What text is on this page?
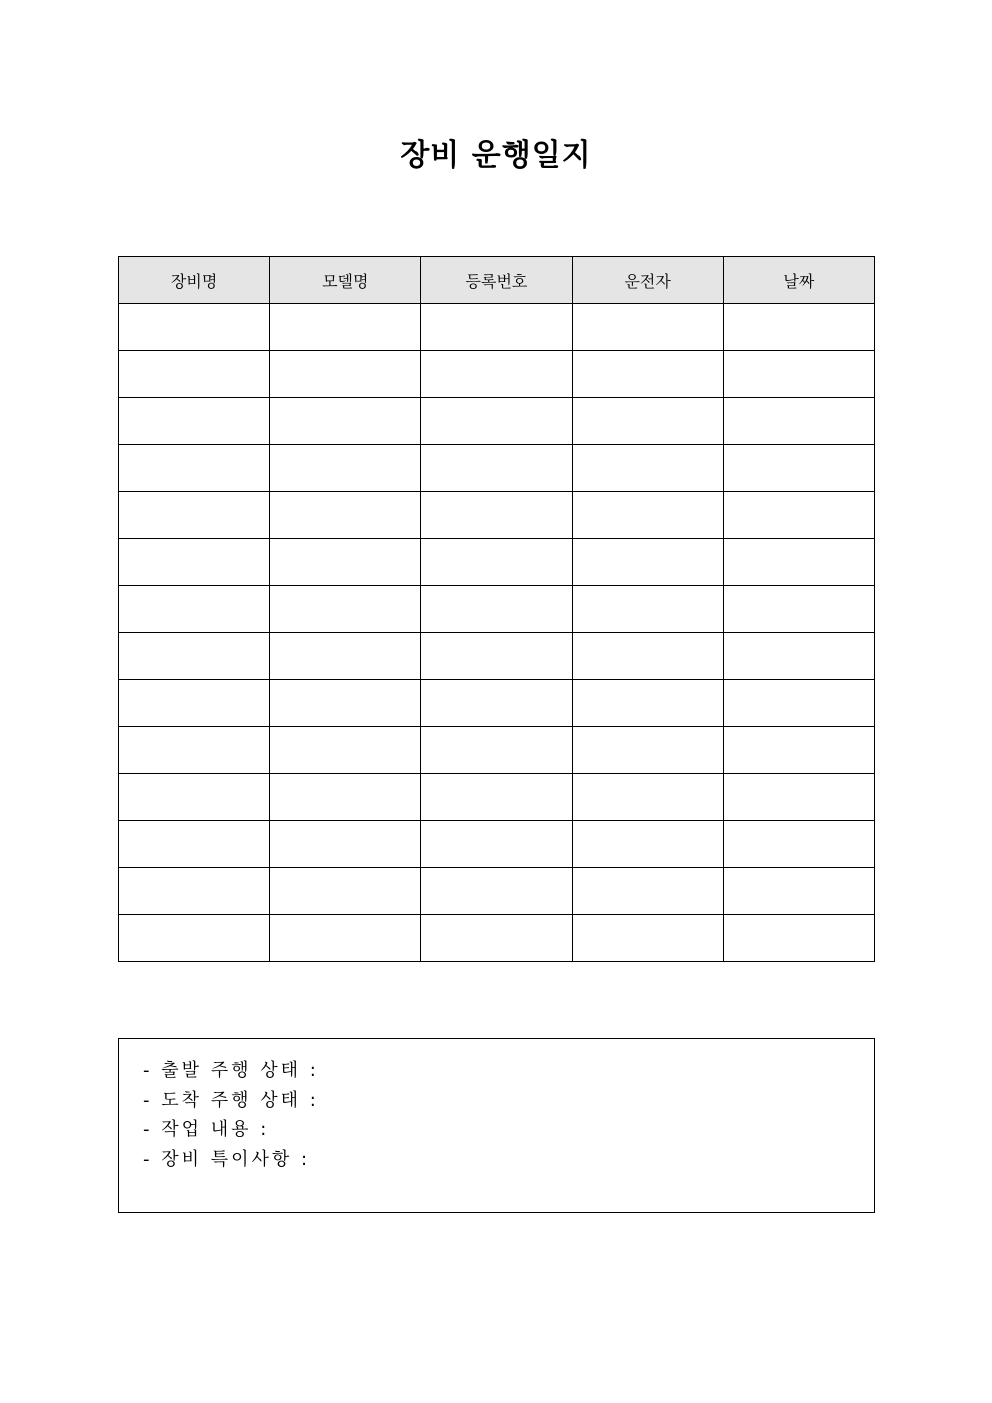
장비 운행일지
장비명	모델명	등록번호	운전자	날짜

- 출발 주행 상태 :
- 도착 주행 상태 :
- 작업 내용 :
- 장비 특이사항 :
